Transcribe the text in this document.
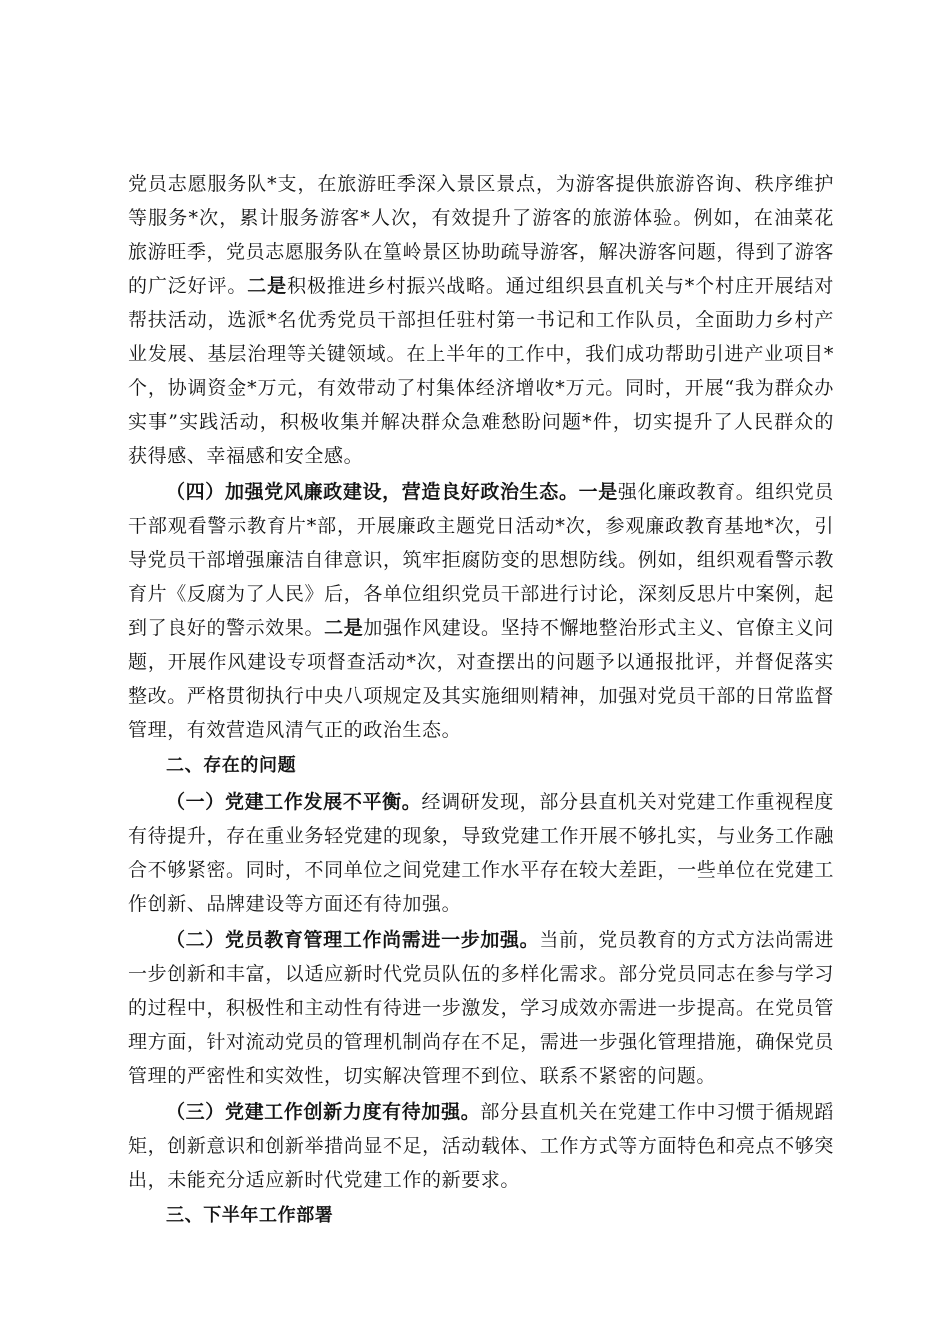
党员志愿服务队*支，在旅游旺季深入景区景点，为游客提供旅游咨询、秩序维护等服务*次，累计服务游客*人次，有效提升了游客的旅游体验。例如，在油菜花旅游旺季，党员志愿服务队在篁岭景区协助疏导游客，解决游客问题，得到了游客的广泛好评。二是积极推进乡村振兴战略。通过组织县直机关与*个村庄开展结对帮扶活动，选派*名优秀党员干部担任驻村第一书记和工作队员，全面助力乡村产业发展、基层治理等关键领域。在上半年的工作中，我们成功帮助引进产业项目*个，协调资金*万元，有效带动了村集体经济增收*万元。同时，开展“我为群众办实事”实践活动，积极收集并解决群众急难愁盼问题*件，切实提升了人民群众的获得感、幸福感和安全感。

（四）加强党风廉政建设，营造良好政治生态。一是强化廉政教育。组织党员干部观看警示教育片*部，开展廉政主题党日活动*次，参观廉政教育基地*次，引导党员干部增强廉洁自律意识，筑牢拒腐防变的思想防线。例如，组织观看警示教育片《反腐为了人民》后，各单位组织党员干部进行讨论，深刻反思片中案例，起到了良好的警示效果。二是加强作风建设。坚持不懈地整治形式主义、官僚主义问题，开展作风建设专项督查活动*次，对查摆出的问题予以通报批评，并督促落实整改。严格贯彻执行中央八项规定及其实施细则精神，加强对党员干部的日常监督管理，有效营造风清气正的政治生态。

二、存在的问题

（一）党建工作发展不平衡。经调研发现，部分县直机关对党建工作重视程度有待提升，存在重业务轻党建的现象，导致党建工作开展不够扎实，与业务工作融合不够紧密。同时，不同单位之间党建工作水平存在较大差距，一些单位在党建工作创新、品牌建设等方面还有待加强。

（二）党员教育管理工作尚需进一步加强。当前，党员教育的方式方法尚需进一步创新和丰富，以适应新时代党员队伍的多样化需求。部分党员同志在参与学习的过程中，积极性和主动性有待进一步激发，学习成效亦需进一步提高。在党员管理方面，针对流动党员的管理机制尚存在不足，需进一步强化管理措施，确保党员管理的严密性和实效性，切实解决管理不到位、联系不紧密的问题。

（三）党建工作创新力度有待加强。部分县直机关在党建工作中习惯于循规蹈矩，创新意识和创新举措尚显不足，活动载体、工作方式等方面特色和亮点不够突出，未能充分适应新时代党建工作的新要求。

三、下半年工作部署
